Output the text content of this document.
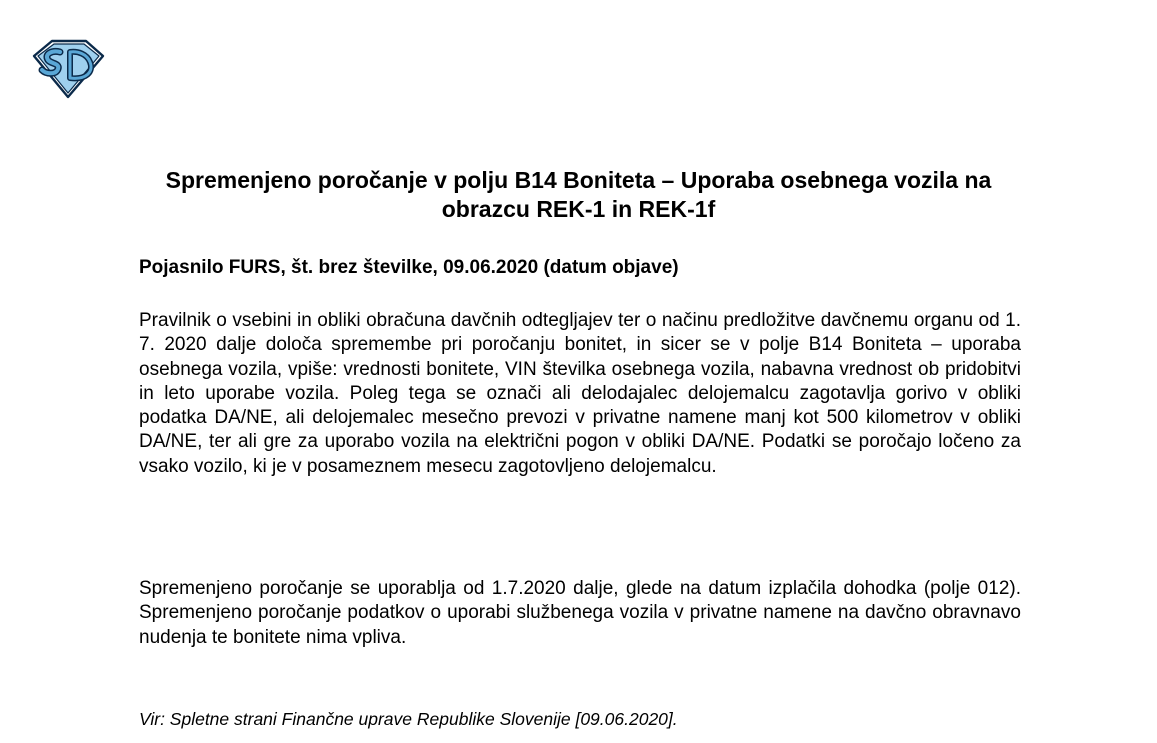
Spremenjeno poročanje v polju B14 Boniteta – Uporaba osebnega vozila na obrazcu REK-1 in REK-1f

Pojasnilo FURS, št. brez številke, 09.06.2020 (datum objave)

Pravilnik o vsebini in obliki obračuna davčnih odtegljajev ter o načinu predložitve davčnemu organu od 1. 7. 2020 dalje določa spremembe pri poročanju bonitet, in sicer se v polje B14 Boniteta – uporaba osebnega vozila, vpiše: vrednosti bonitete, VIN številka osebnega vozila, nabavna vrednost ob pridobitvi in leto uporabe vozila. Poleg tega se označi ali delodajalec delojemalcu zagotavlja gorivo v obliki podatka DA/NE, ali delojemalec mesečno prevozi v privatne namene manj kot 500 kilometrov v obliki DA/NE, ter ali gre za uporabo vozila na električni pogon v obliki DA/NE. Podatki se poročajo ločeno za vsako vozilo, ki je v posameznem mesecu zagotovljeno delojemalcu.

Spremenjeno poročanje se uporablja od 1.7.2020 dalje, glede na datum izplačila dohodka (polje 012). Spremenjeno poročanje podatkov o uporabi službenega vozila v privatne namene na davčno obravnavo nudenja te bonitete nima vpliva.

Vir: Spletne strani Finančne uprave Republike Slovenije [09.06.2020].
